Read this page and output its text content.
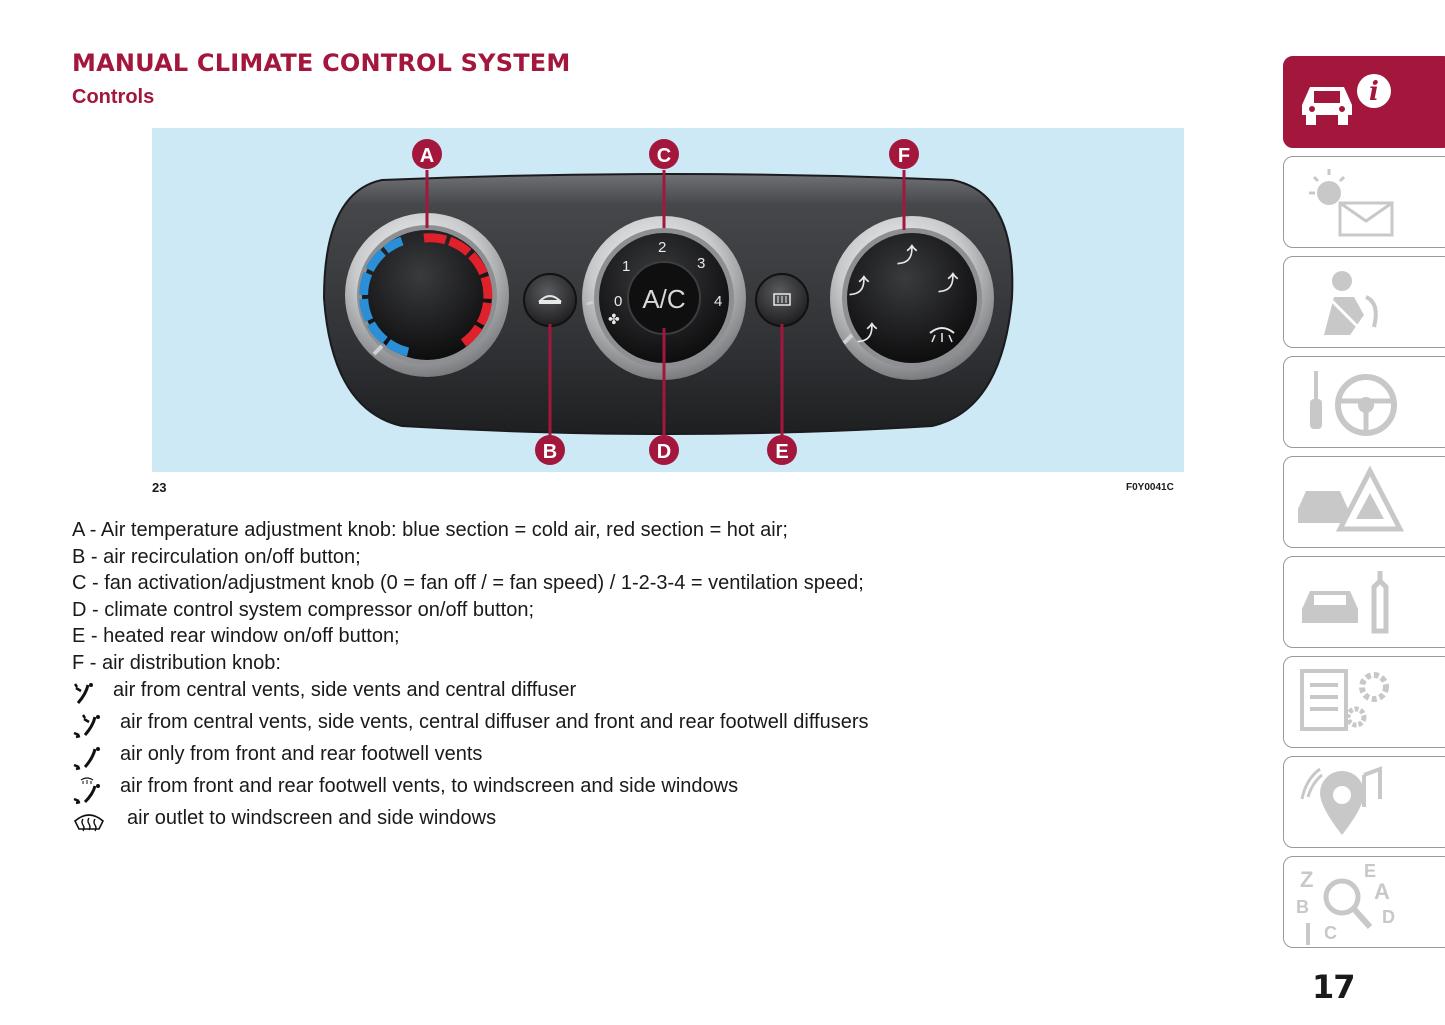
MANUAL CLIMATE CONTROL SYSTEM
Controls
0
1
2
3
4
✤
A/C
⤴
⤴	⤴
⤴
A	C	F
B	D	E
23	F0Y0041C
A - Air temperature adjustment knob: blue section = cold air, red section = hot air;
B - air recirculation on/off button;
C - fan activation/adjustment knob (0 = fan off / = fan speed) / 1-2-3-4 = ventilation speed;
D - climate control system compressor on/off button;
E - heated rear window on/off button;
F - air distribution knob:
air from central vents, side vents and central diffuser
air from central vents, side vents, central diffuser and front and rear footwell diffusers
air only from front and rear footwell vents
air from front and rear footwell vents, to windscreen and side windows
air outlet to windscreen and side windows
i
Z	E
A
B	D
C
17
